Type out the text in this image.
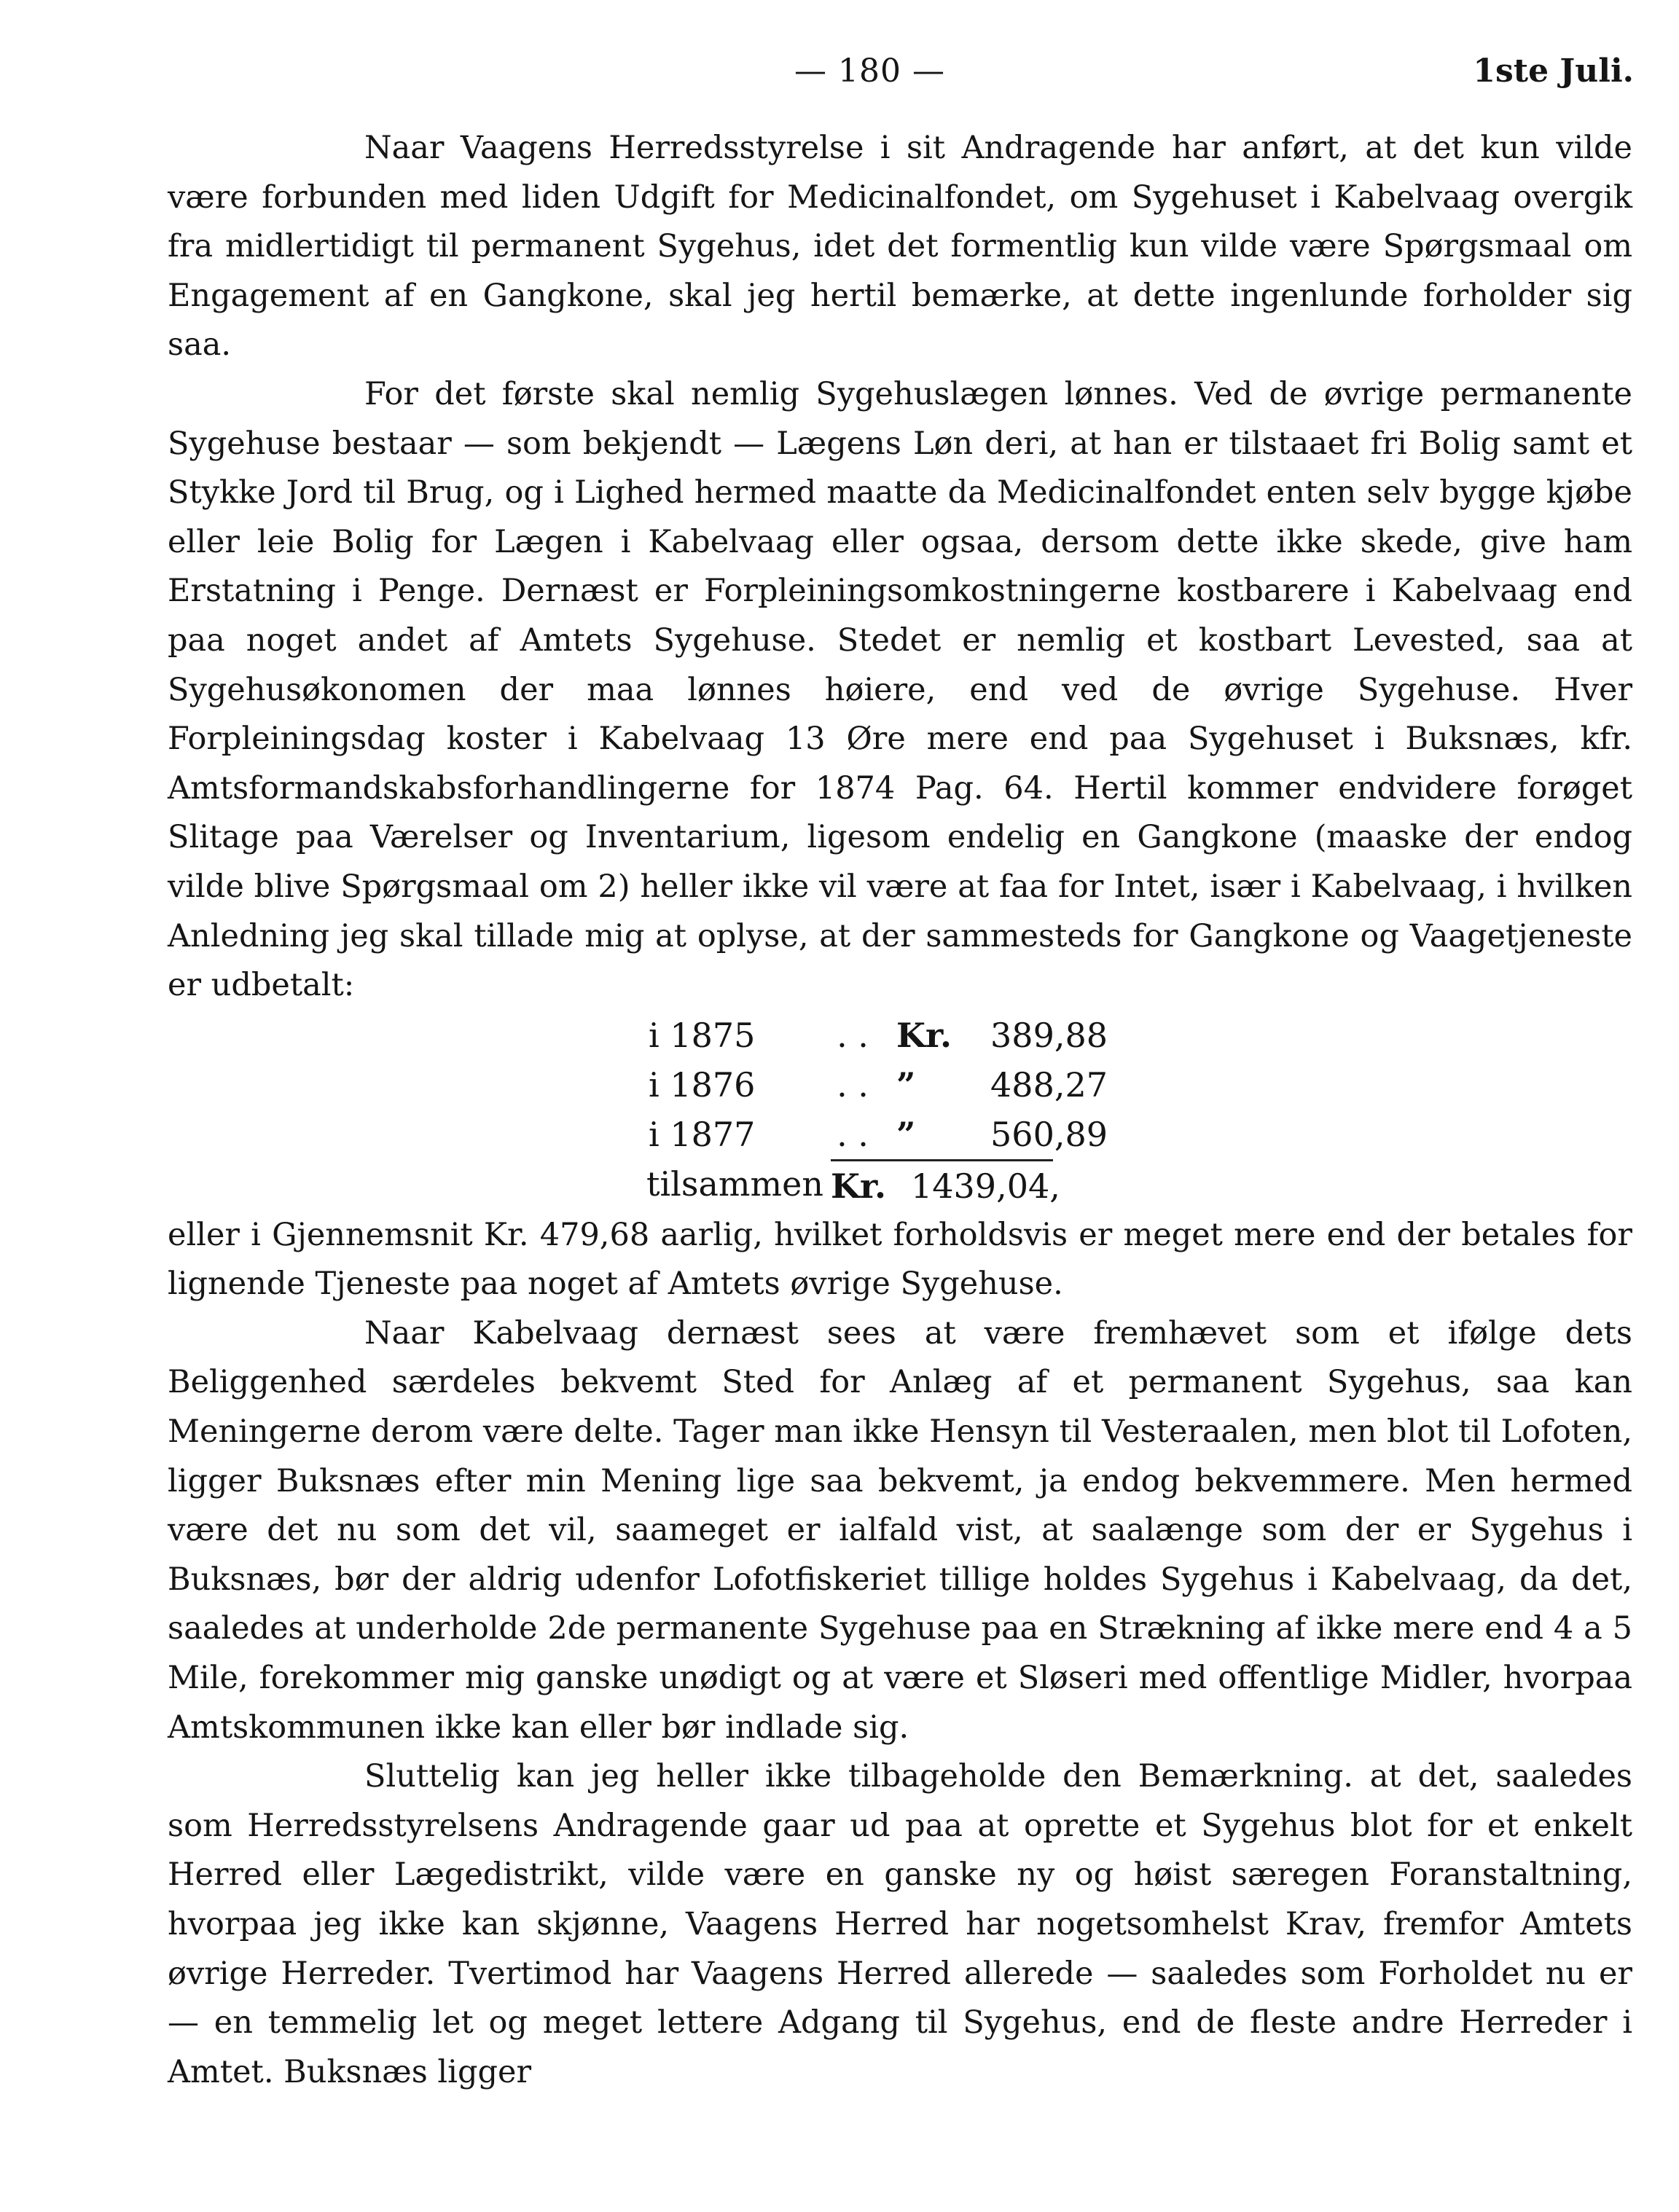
— 180 —	1ste Juli.

Naar Vaagens Herredsstyrelse i sit Andragende har anført, at det kun vilde være forbunden med liden Udgift for Medicinalfondet, om Sygehuset i Kabelvaag overgik fra midlertidigt til permanent Sygehus, idet det formentlig kun vilde være Spørgsmaal om Engagement af en Gangkone, skal jeg hertil bemærke, at dette ingenlunde forholder sig saa.

For det første skal nemlig Sygehuslægen lønnes. Ved de øvrige permanente Sygehuse bestaar — som bekjendt — Lægens Løn deri, at han er tilstaaet fri Bolig samt et Stykke Jord til Brug, og i Lighed hermed maatte da Medicinalfondet enten selv bygge kjøbe eller leie Bolig for Lægen i Kabelvaag eller ogsaa, dersom dette ikke skede, give ham Erstatning i Penge. Dernæst er Forpleiningsomkostningerne kostbarere i Kabelvaag end paa noget andet af Amtets Sygehuse. Stedet er nemlig et kostbart Levested, saa at Sygehusøkonomen der maa lønnes høiere, end ved de øvrige Sygehuse. Hver Forpleiningsdag koster i Kabelvaag 13 Øre mere end paa Sygehuset i Buksnæs, kfr. Amtsformandskabsforhandlingerne for 1874 Pag. 64. Hertil kommer endvidere forøget Slitage paa Værelser og Inventarium, ligesom endelig en Gangkone (maaske der endog vilde blive Spørgsmaal om 2) heller ikke vil være at faa for Intet, især i Kabelvaag, i hvilken Anledning jeg skal tillade mig at oplyse, at der sammesteds for Gangkone og Vaagetjeneste er udbetalt:

i 1875	. . Kr.	389,88
i 1876	. . ”	488,27
i 1877	. . ”	560,89
tilsammen Kr. 1439,04,

eller i Gjennemsnit Kr. 479,68 aarlig, hvilket forholdsvis er meget mere end der betales for lignende Tjeneste paa noget af Amtets øvrige Sygehuse.

Naar Kabelvaag dernæst sees at være fremhævet som et ifølge dets Beliggenhed særdeles bekvemt Sted for Anlæg af et permanent Sygehus, saa kan Meningerne derom være delte. Tager man ikke Hensyn til Vesteraalen, men blot til Lofoten, ligger Buksnæs efter min Mening lige saa bekvemt, ja endog bekvemmere. Men hermed være det nu som det vil, saameget er ialfald vist, at saalænge som der er Sygehus i Buksnæs, bør der aldrig udenfor Lofotfiskeriet tillige holdes Sygehus i Kabelvaag, da det, saaledes at underholde 2de permanente Sygehuse paa en Strækning af ikke mere end 4 a 5 Mile, forekommer mig ganske unødigt og at være et Sløseri med offentlige Midler, hvorpaa Amtskommunen ikke kan eller bør indlade sig.

Sluttelig kan jeg heller ikke tilbageholde den Bemærkning. at det, saaledes som Herredsstyrelsens Andragende gaar ud paa at oprette et Sygehus blot for et enkelt Herred eller Lægedistrikt, vilde være en ganske ny og høist særegen Foranstaltning, hvorpaa jeg ikke kan skjønne, Vaagens Herred har nogetsomhelst Krav, fremfor Amtets øvrige Herreder. Tvertimod har Vaagens Herred allerede — saaledes som Forholdet nu er — en temmelig let og meget lettere Adgang til Sygehus, end de fleste andre Herreder i Amtet. Buksnæs ligger
